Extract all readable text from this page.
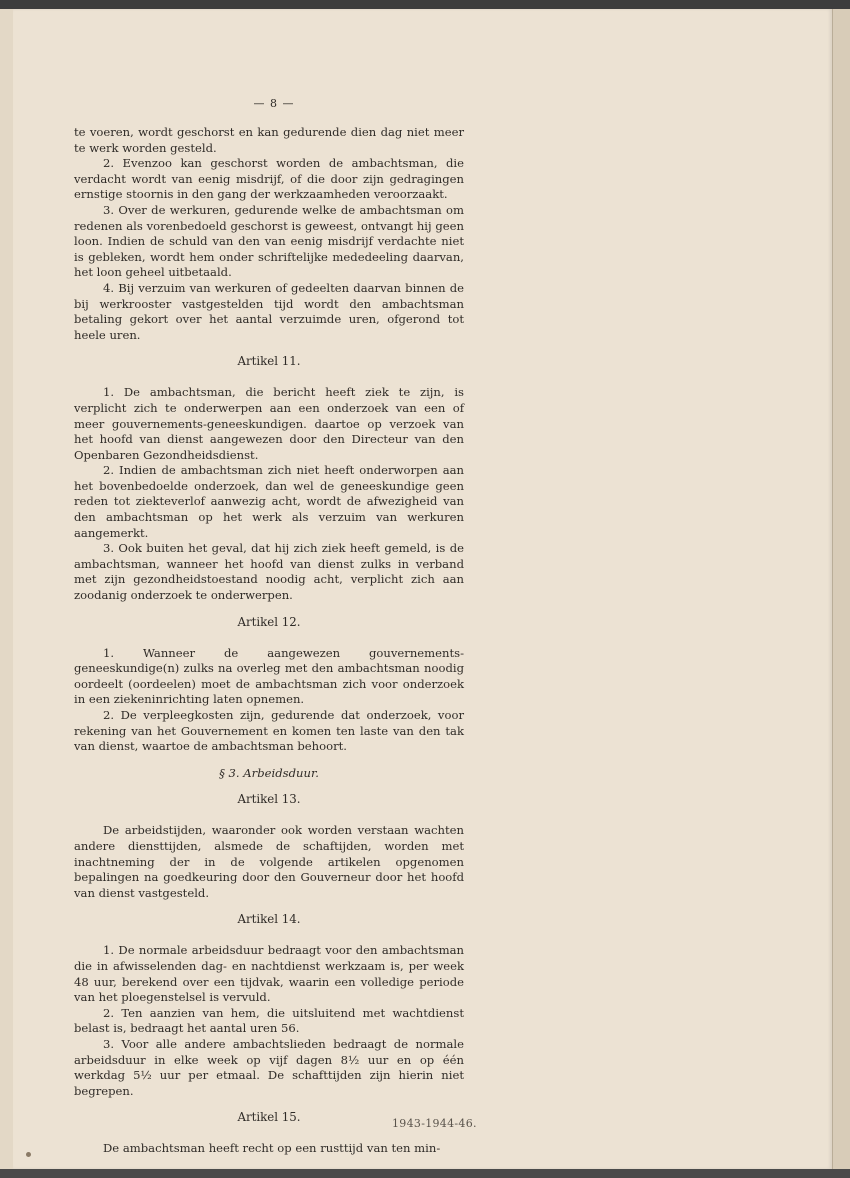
— 8 —

te voeren, wordt geschorst en kan gedurende dien dag niet meer te werk worden gesteld.

2. Evenzoo kan geschorst worden de ambachtsman, die verdacht wordt van eenig misdrijf, of die door zijn gedragingen ernstige stoornis in den gang der werkzaamheden veroorzaakt.

3. Over de werkuren, gedurende welke de ambachtsman om redenen als vorenbedoeld geschorst is geweest, ontvangt hij geen loon. Indien de schuld van den van eenig misdrijf verdachte niet is gebleken, wordt hem onder schriftelijke mededeeling daarvan, het loon geheel uitbetaald.

4. Bij verzuim van werkuren of gedeelten daarvan binnen de bij werkrooster vastgestelden tijd wordt den ambachtsman betaling gekort over het aantal verzuimde uren, ofgerond tot heele uren.

Artikel 11.

1. De ambachtsman, die bericht heeft ziek te zijn, is verplicht zich te onderwerpen aan een onderzoek van een of meer gouvernements-geneeskundigen. daartoe op verzoek van het hoofd van dienst aangewezen door den Directeur van den Openbaren Gezondheidsdienst.

2. Indien de ambachtsman zich niet heeft onderworpen aan het bovenbedoelde onderzoek, dan wel de geneeskundige geen reden tot ziekteverlof aanwezig acht, wordt de afwezigheid van den ambachtsman op het werk als verzuim van werkuren aangemerkt.

3. Ook buiten het geval, dat hij zich ziek heeft gemeld, is de ambachtsman, wanneer het hoofd van dienst zulks in verband met zijn gezondheidstoestand noodig acht, verplicht zich aan zoodanig onderzoek te onderwerpen.

Artikel 12.

1. Wanneer de aangewezen gouvernements-geneeskundige(n) zulks na overleg met den ambachtsman noodig oordeelt (oordeelen) moet de ambachtsman zich voor onderzoek in een ziekeninrichting laten opnemen.

2. De verpleegkosten zijn, gedurende dat onderzoek, voor rekening van het Gouvernement en komen ten laste van den tak van dienst, waartoe de ambachtsman behoort.

§ 3. Arbeidsduur.
Artikel 13.

De arbeidstijden, waaronder ook worden verstaan wachten andere diensttijden, alsmede de schaftijden, worden met inachtneming der in de volgende artikelen opgenomen bepalingen na goedkeuring door den Gouverneur door het hoofd van dienst vastgesteld.

Artikel 14.

1. De normale arbeidsduur bedraagt voor den ambachtsman die in afwisselenden dag- en nachtdienst werkzaam is, per week 48 uur, berekend over een tijdvak, waarin een volledige periode van het ploegenstelsel is vervuld.

2. Ten aanzien van hem, die uitsluitend met wachtdienst belast is, bedraagt het aantal uren 56.

3. Voor alle andere ambachtslieden bedraagt de normale arbeidsduur in elke week op vijf dagen 8½ uur en op één werkdag 5½ uur per etmaal. De schafttijden zijn hierin niet begrepen.

Artikel 15.

De ambachtsman heeft recht op een rusttijd van ten min-

1943-1944-46.
